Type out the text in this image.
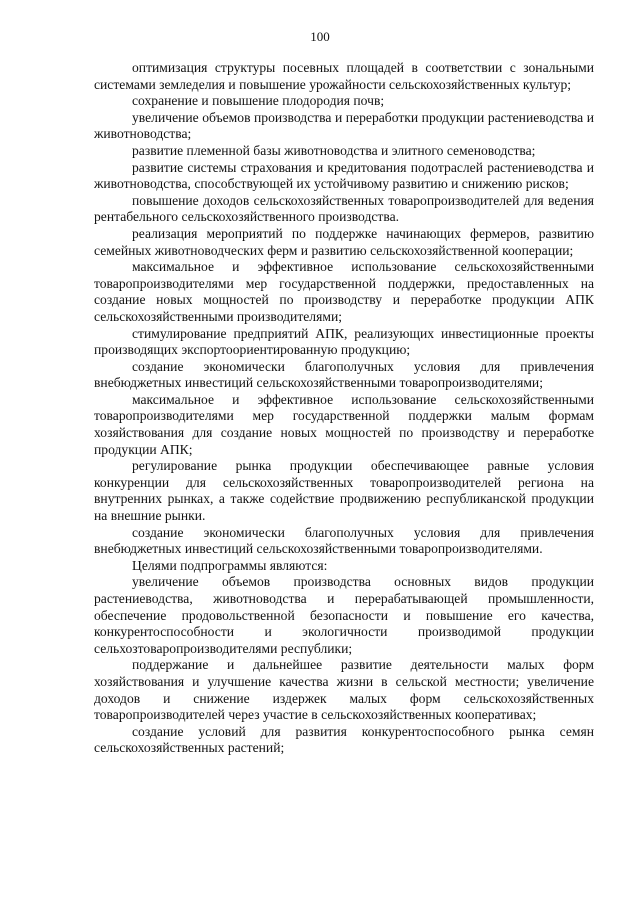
100

оптимизация структуры посевных площадей в соответствии с зональными системами земледелия и повышение урожайности сельскохозяйственных культур;

сохранение и повышение плодородия почв;

увеличение объемов производства и переработки продукции растениеводства и животноводства;

развитие племенной базы животноводства и элитного семеноводства;

развитие системы страхования и кредитования подотраслей растениеводства и животноводства, способствующей их устойчивому развитию и снижению рисков;

повышение доходов сельскохозяйственных товаропроизводителей для ведения рентабельного сельскохозяйственного производства.

реализация мероприятий по поддержке начинающих фермеров, развитию семейных животноводческих ферм и развитию сельскохозяйственной кооперации;

максимальное и эффективное использование сельскохозяйственными товаропроизводителями мер государственной поддержки, предоставленных на создание новых мощностей по производству и переработке продукции АПК сельскохозяйственными производителями;

стимулирование предприятий АПК, реализующих инвестиционные проекты производящих экспортоориентированную продукцию;

создание экономически благополучных условия для привлечения внебюджетных инвестиций сельскохозяйственными товаропроизводителями;

максимальное и эффективное использование сельскохозяйственными товаропроизводителями мер государственной поддержки малым формам хозяйствования для создание новых мощностей по производству и переработке продукции АПК;

регулирование рынка продукции обеспечивающее равные условия конкуренции для сельскохозяйственных товаропроизводителей региона на внутренних рынках, а также содействие продвижению республиканской продукции на внешние рынки.

создание экономически благополучных условия для привлечения внебюджетных инвестиций сельскохозяйственными товаропроизводителями.

Целями подпрограммы являются:

увеличение объемов производства основных видов продукции растениеводства, животноводства и перерабатывающей промышленности, обеспечение продовольственной безопасности и повышение его качества, конкурентоспособности и экологичности производимой продукции сельхозтоваропроизводителями республики;

поддержание и дальнейшее развитие деятельности малых форм хозяйствования и улучшение качества жизни в сельской местности; увеличение доходов и снижение издержек малых форм сельскохозяйственных товаропроизводителей через участие в сельскохозяйственных кооперативах;

создание условий для развития конкурентоспособного рынка семян сельскохозяйственных растений;
